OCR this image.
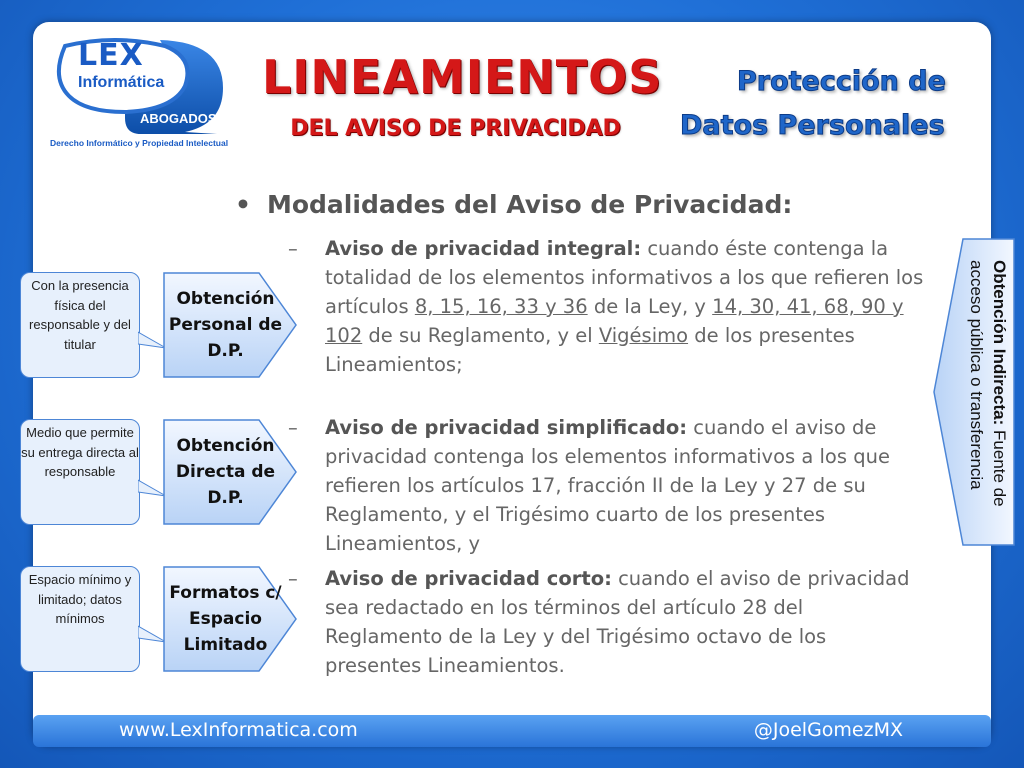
LEX
Informática
ABOGADOS
Derecho Informático y Propiedad Intelectual
LINEAMIENTOS
DEL AVISO DE PRIVACIDAD
Protección de
Datos Personales
• Modalidades del Aviso de Privacidad:
– Aviso de privacidad integral: cuando éste contenga la totalidad de los elementos informativos a los que refieren los artículos 8, 15, 16, 33 y 36 de la Ley, y 14, 30, 41, 68, 90 y 102 de su Reglamento, y el Vigésimo de los presentes Lineamientos;
– Aviso de privacidad simplificado: cuando el aviso de privacidad contenga los elementos informativos a los que refieren los artículos 17, fracción II de la Ley y 27 de su Reglamento, y el Trigésimo cuarto de los presentes Lineamientos, y
– Aviso de privacidad corto: cuando el aviso de privacidad sea redactado en los términos del artículo 28 del Reglamento de la Ley y del Trigésimo octavo de los presentes Lineamientos.
Con la presencia física del responsable y del titular
Obtención Personal de D.P.
Medio que permite su entrega directa al responsable
Obtención Directa de D.P.
Espacio mínimo y limitado; datos mínimos
Formatos c/ Espacio Limitado
Obtención Indirecta: Fuente de acceso pública o transferencia
www.LexInformatica.com	@JoelGomezMX
